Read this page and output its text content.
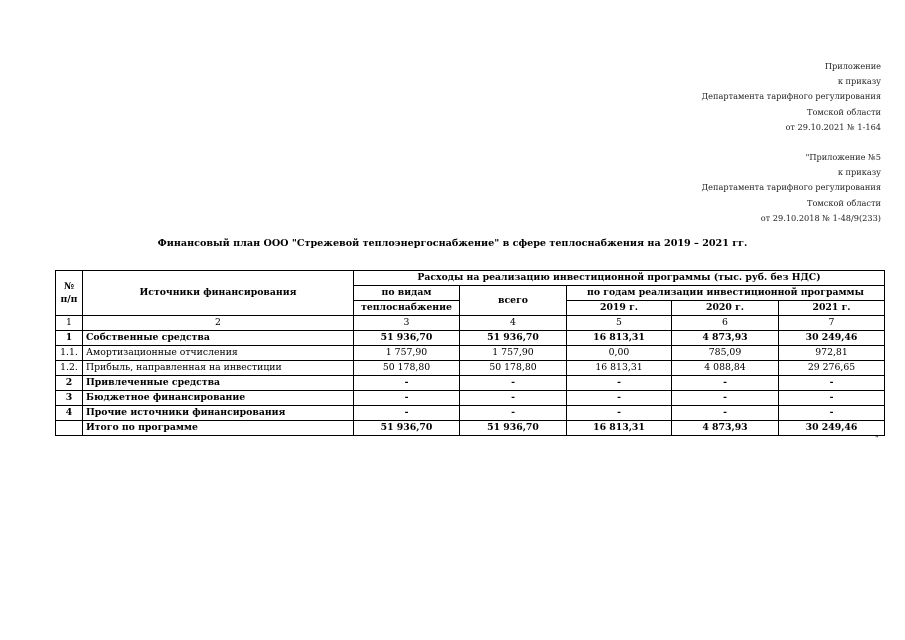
Приложение
к приказу
Департамента тарифного регулирования
Томской области
от 29.10.2021 № 1-164
"Приложение №5
к приказу
Департамента тарифного регулирования
Томской области
от 29.10.2018 № 1-48/9(233)
Финансовый план ООО "Стрежевой теплоэнергоснабжение" в сфере теплоснабжения на 2019 – 2021 гг.
№ п/п	Источники финансирования	Расходы на реализацию инвестиционной программы (тыс. руб. без НДС)				
		по видам	всего	по годам реализации инвестиционной программы		
		теплоснабжение		2019 г.	2020 г.	2021 г.
1	2	3	4	5	6	7
1	Собственные средства	51 936,70	51 936,70	16 813,31	4 873,93	30 249,46
1.1.	Амортизационные отчисления	1 757,90	1 757,90	0,00	785,09	972,81
1.2.	Прибыль, направленная на инвестиции	50 178,80	50 178,80	16 813,31	4 088,84	29 276,65
2	Привлеченные средства	-	-	-	-	-
3	Бюджетное финансирование	-	-	-	-	-
4	Прочие источники финансирования	-	-	-	-	-
	Итого по программе	51 936,70	51 936,70	16 813,31	4 873,93	30 249,46
"
